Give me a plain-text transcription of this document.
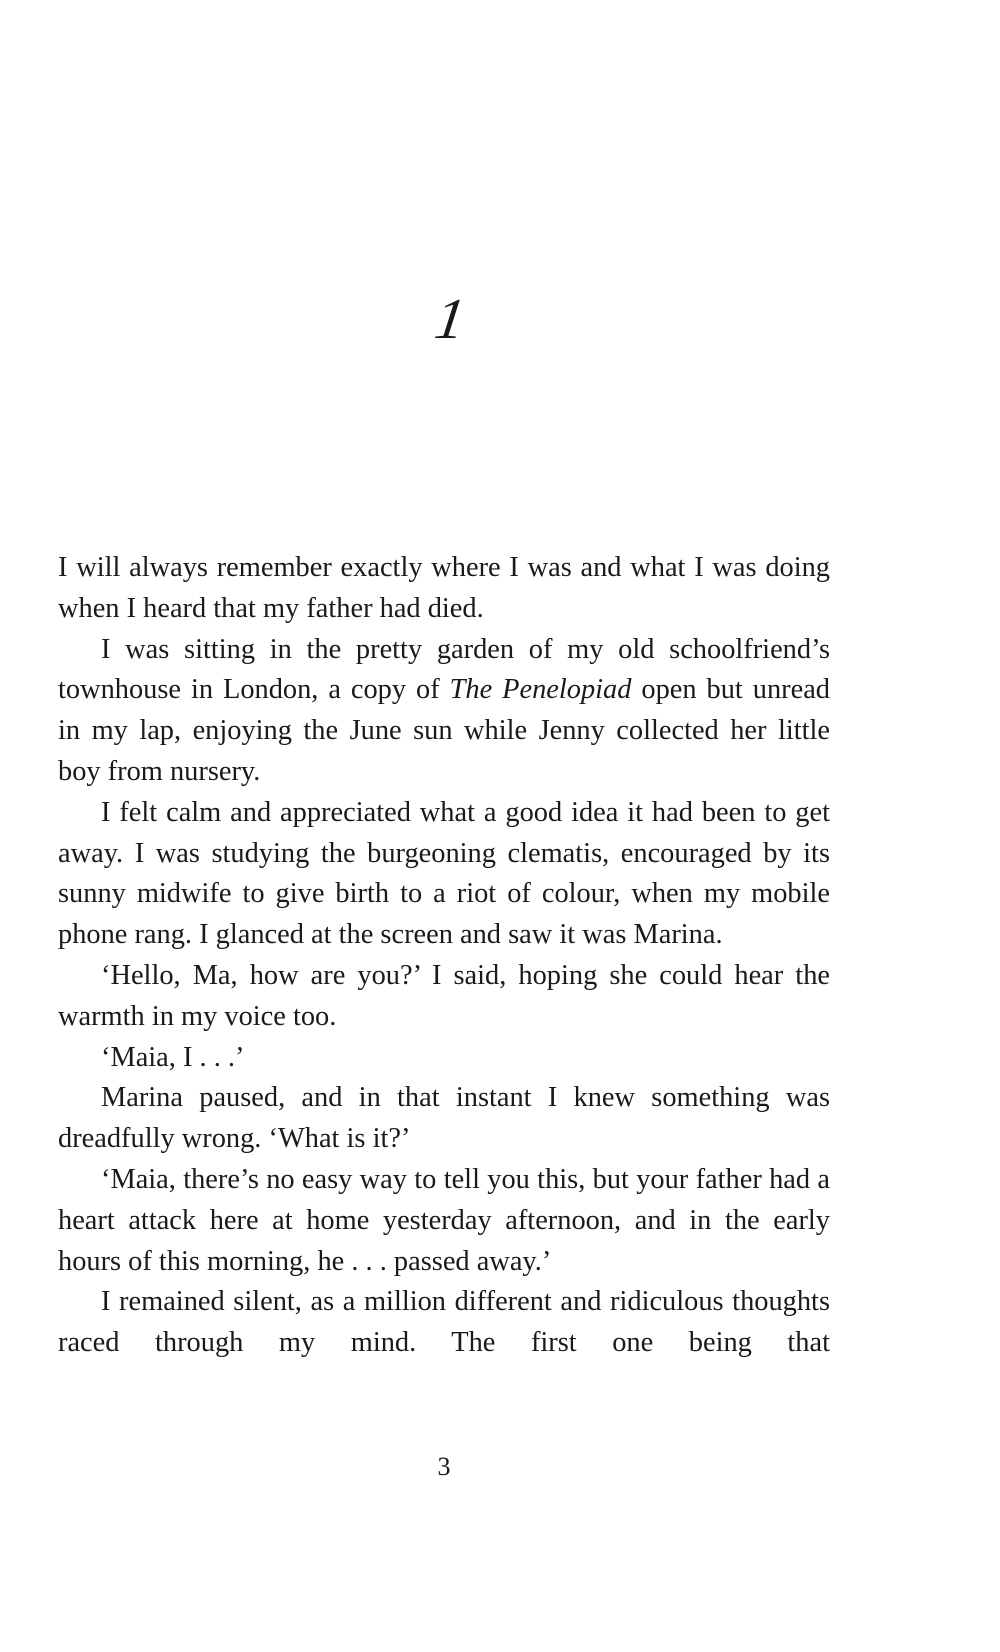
1

I will always remember exactly where I was and what I was doing when I heard that my father had died.

I was sitting in the pretty garden of my old schoolfriend’s townhouse in London, a copy of The Penelopiad open but unread in my lap, enjoying the June sun while Jenny collected her little boy from nursery.

I felt calm and appreciated what a good idea it had been to get away. I was studying the burgeoning clematis, encouraged by its sunny midwife to give birth to a riot of colour, when my mobile phone rang. I glanced at the screen and saw it was Marina.

‘Hello, Ma, how are you?’ I said, hoping she could hear the warmth in my voice too.

‘Maia, I . . .’

Marina paused, and in that instant I knew something was dreadfully wrong. ‘What is it?’

‘Maia, there’s no easy way to tell you this, but your father had a heart attack here at home yesterday afternoon, and in the early hours of this morning, he . . . passed away.’

I remained silent, as a million different and ridiculous thoughts raced through my mind. The first one being that

3
